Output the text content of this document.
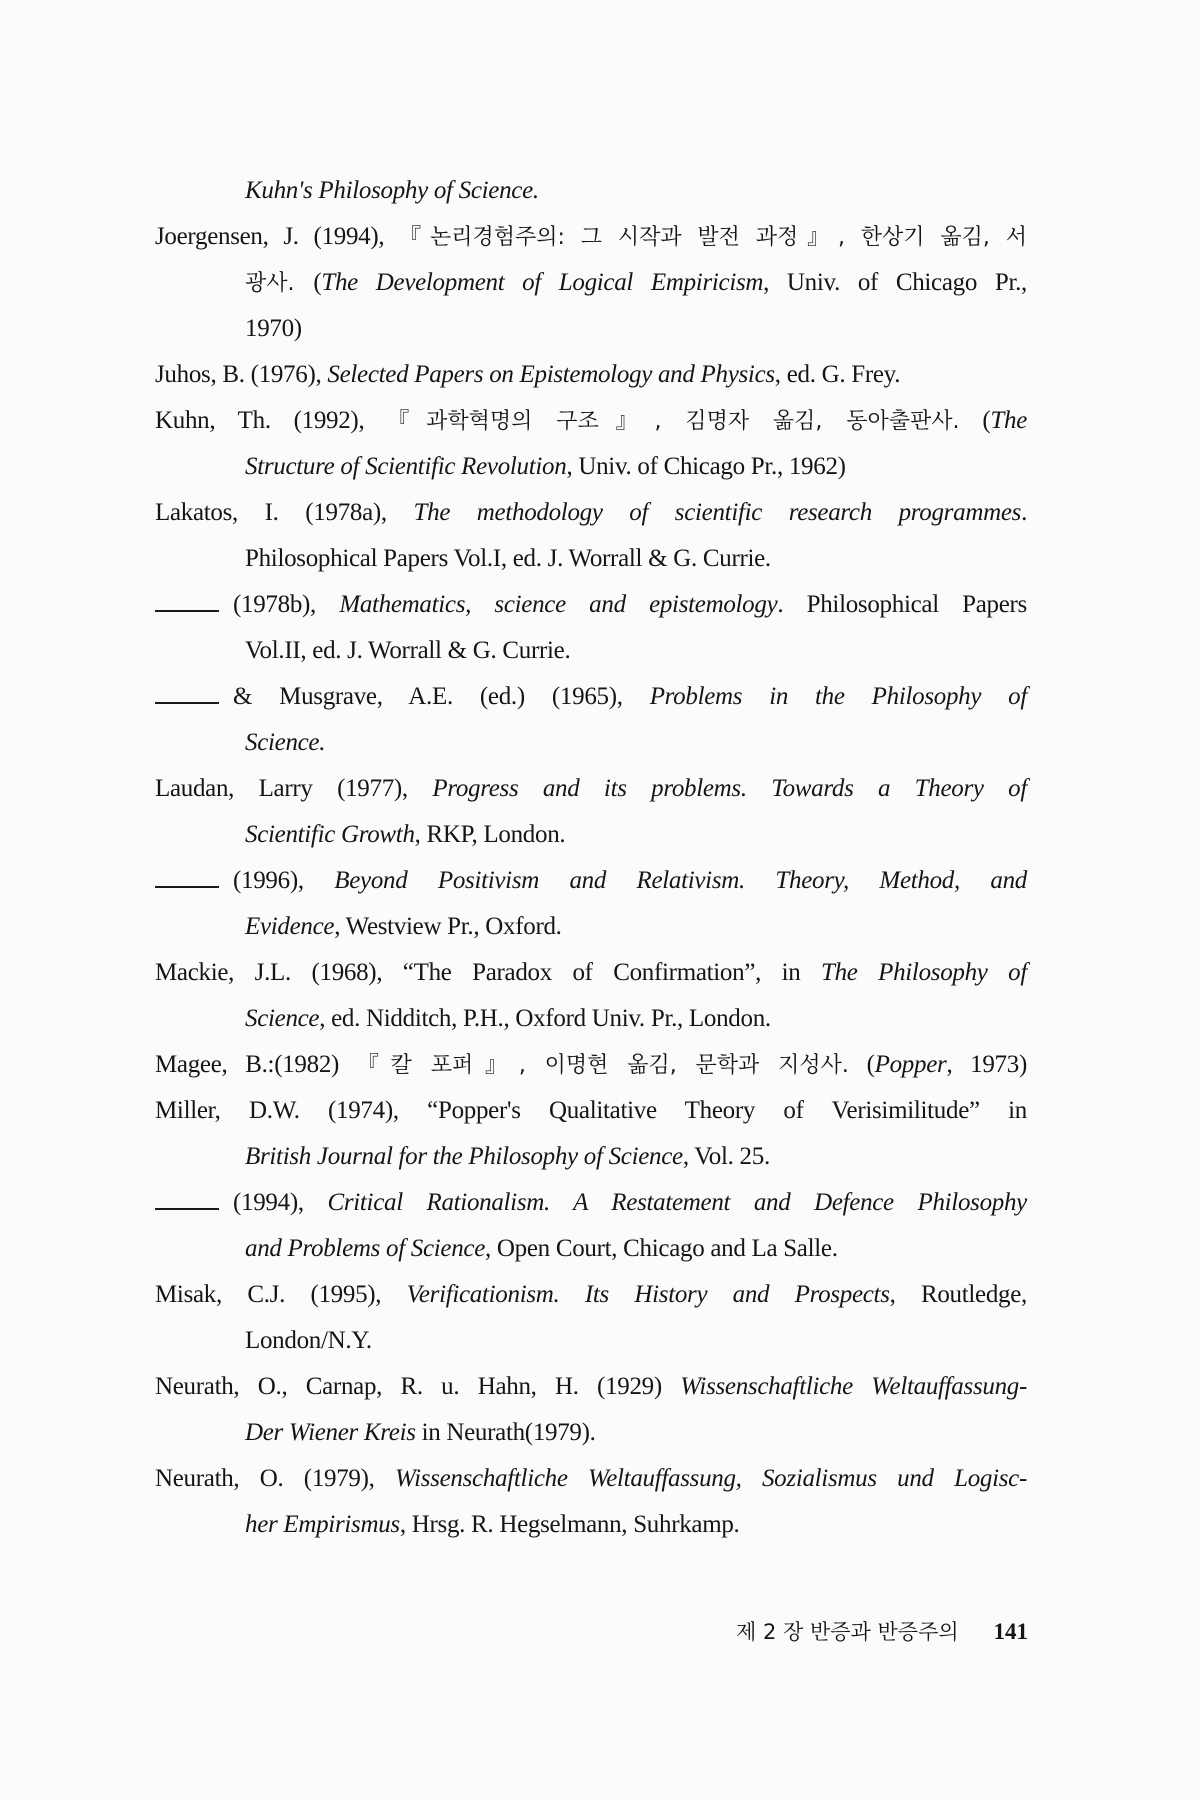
Kuhn's Philosophy of Science.
Joergensen, J. (1994), 『논리경험주의: 그 시작과 발전 과정』, 한상기 옮김, 서
광사. (The Development of Logical Empiricism, Univ. of Chicago Pr.,
1970)
Juhos, B. (1976), Selected Papers on Epistemology and Physics, ed. G. Frey.
Kuhn, Th. (1992), 『과학혁명의 구조』, 김명자 옮김, 동아출판사. (The
Structure of Scientific Revolution, Univ. of Chicago Pr., 1962)
Lakatos, I. (1978a), The methodology of scientific research programmes.
Philosophical Papers Vol.I, ed. J. Worrall & G. Currie.
(1978b), Mathematics, science and epistemology. Philosophical Papers
Vol.II, ed. J. Worrall & G. Currie.
& Musgrave, A.E. (ed.) (1965), Problems in the Philosophy of
Science.
Laudan, Larry (1977), Progress and its problems. Towards a Theory of
Scientific Growth, RKP, London.
(1996), Beyond Positivism and Relativism. Theory, Method, and
Evidence, Westview Pr., Oxford.
Mackie, J.L. (1968), “The Paradox of Confirmation”, in The Philosophy of
Science, ed. Nidditch, P.H., Oxford Univ. Pr., London.
Magee, B.:(1982) 『칼 포퍼』, 이명현 옮김, 문학과 지성사. (Popper, 1973)
Miller, D.W. (1974), “Popper's Qualitative Theory of Verisimilitude” in
British Journal for the Philosophy of Science, Vol. 25.
(1994), Critical Rationalism. A Restatement and Defence Philosophy
and Problems of Science, Open Court, Chicago and La Salle.
Misak, C.J. (1995), Verificationism. Its History and Prospects, Routledge,
London/N.Y.
Neurath, O., Carnap, R. u. Hahn, H. (1929) Wissenschaftliche Weltauffassung-
Der Wiener Kreis in Neurath(1979).
Neurath, O. (1979), Wissenschaftliche Weltauffassung, Sozialismus und Logisc-
her Empirismus, Hrsg. R. Hegselmann, Suhrkamp.
제 2 장 반증과 반증주의 141
